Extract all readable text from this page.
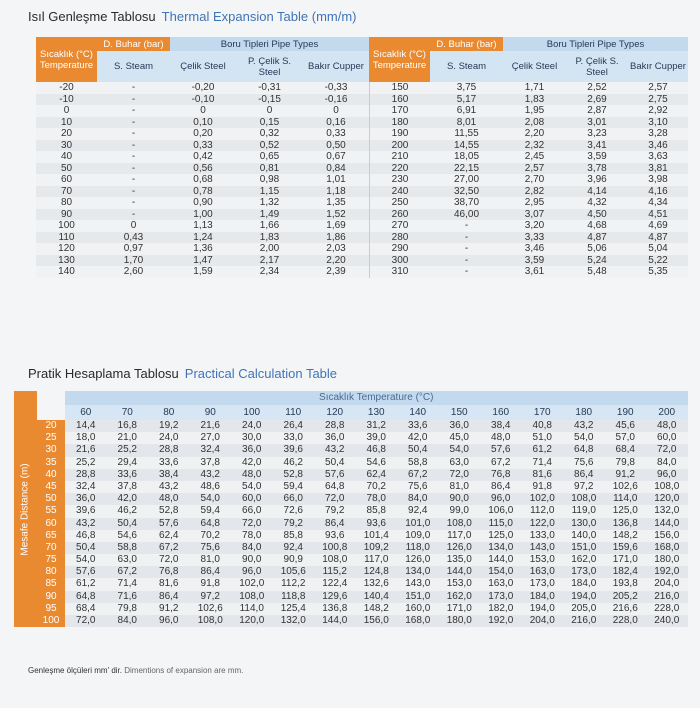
Isıl Genleşme Tablosu Thermal Expansion Table (mm/m)
Sıcaklık (°C) Temperature
D. Buhar (bar)	Boru Tipleri Pipe Types
Sıcaklık (°C) Temperature
D. Buhar (bar)	Boru Tipleri Pipe Types
S. Steam	Çelik Steel	P. Çelik S. Steel	Bakır Cupper	S. Steam	Çelik Steel	P. Çelik S. Steel	Bakır Cupper
-20	-	-0,20	-0,31	-0,33	150	3,75	1,71	2,52	2,57
-10	-	-0,10	-0,15	-0,16	160	5,17	1,83	2,69	2,75
0	-	0	0	0	170	6,91	1,95	2,87	2,92
10	-	0,10	0,15	0,16	180	8,01	2,08	3,01	3,10
20	-	0,20	0,32	0,33	190	11,55	2,20	3,23	3,28
30	-	0,33	0,52	0,50	200	14,55	2,32	3,41	3,46
40	-	0,42	0,65	0,67	210	18,05	2,45	3,59	3,63
50	-	0,56	0,81	0,84	220	22,15	2,57	3,78	3,81
60	-	0,68	0,98	1,01	230	27,00	2,70	3,96	3,98
70	-	0,78	1,15	1,18	240	32,50	2,82	4,14	4,16
80	-	0,90	1,32	1,35	250	38,70	2,95	4,32	4,34
90	-	1,00	1,49	1,52	260	46,00	3,07	4,50	4,51
100	0	1,13	1,66	1,69	270	-	3,20	4,68	4,69
110	0,43	1,24	1,83	1,86	280	-	3,33	4,87	4,87
120	0,97	1,36	2,00	2,03	290	-	3,46	5,06	5,04
130	1,70	1,47	2,17	2,20	300	-	3,59	5,24	5,22
140	2,60	1,59	2,34	2,39	310	-	3,61	5,48	5,35
Pratik Hesaplama Tablosu Practical Calculation Table
Mesafe Distance (m)
Sıcaklık Temperature (°C)
60	70	80	90	100	110	120	130	140	150	160	170	180	190	200
20	14,4	16,8	19,2	21,6	24,0	26,4	28,8	31,2	33,6	36,0	38,4	40,8	43,2	45,6	48,0
25	18,0	21,0	24,0	27,0	30,0	33,0	36,0	39,0	42,0	45,0	48,0	51,0	54,0	57,0	60,0
30	21,6	25,2	28,8	32,4	36,0	39,6	43,2	46,8	50,4	54,0	57,6	61,2	64,8	68,4	72,0
35	25,2	29,4	33,6	37,8	42,0	46,2	50,4	54,6	58,8	63,0	67,2	71,4	75,6	79,8	84,0
40	28,8	33,6	38,4	43,2	48,0	52,8	57,6	62,4	67,2	72,0	76,8	81,6	86,4	91,2	96,0
45	32,4	37,8	43,2	48,6	54,0	59,4	64,8	70,2	75,6	81,0	86,4	91,8	97,2	102,6	108,0
50	36,0	42,0	48,0	54,0	60,0	66,0	72,0	78,0	84,0	90,0	96,0	102,0	108,0	114,0	120,0
55	39,6	46,2	52,8	59,4	66,0	72,6	79,2	85,8	92,4	99,0	106,0	112,0	119,0	125,0	132,0
60	43,2	50,4	57,6	64,8	72,0	79,2	86,4	93,6	101,0	108,0	115,0	122,0	130,0	136,8	144,0
65	46,8	54,6	62,4	70,2	78,0	85,8	93,6	101,4	109,0	117,0	125,0	133,0	140,0	148,2	156,0
70	50,4	58,8	67,2	75,6	84,0	92,4	100,8	109,2	118,0	126,0	134,0	143,0	151,0	159,6	168,0
75	54,0	63,0	72,0	81,0	90,0	90,9	108,0	117,0	126,0	135,0	144,0	153,0	162,0	171,0	180,0
80	57,6	67,2	76,8	86,4	96,0	105,6	115,2	124,8	134,0	144,0	154,0	163,0	173,0	182,4	192,0
85	61,2	71,4	81,6	91,8	102,0	112,2	122,4	132,6	143,0	153,0	163,0	173,0	184,0	193,8	204,0
90	64,8	71,6	86,4	97,2	108,0	118,8	129,6	140,4	151,0	162,0	173,0	184,0	194,0	205,2	216,0
95	68,4	79,8	91,2	102,6	114,0	125,4	136,8	148,2	160,0	171,0	182,0	194,0	205,0	216,6	228,0
100	72,0	84,0	96,0	108,0	120,0	132,0	144,0	156,0	168,0	180,0	192,0	204,0	216,0	228,0	240,0
Genleşme ölçüleri mm' dir. Dimentions of expansion are mm.
